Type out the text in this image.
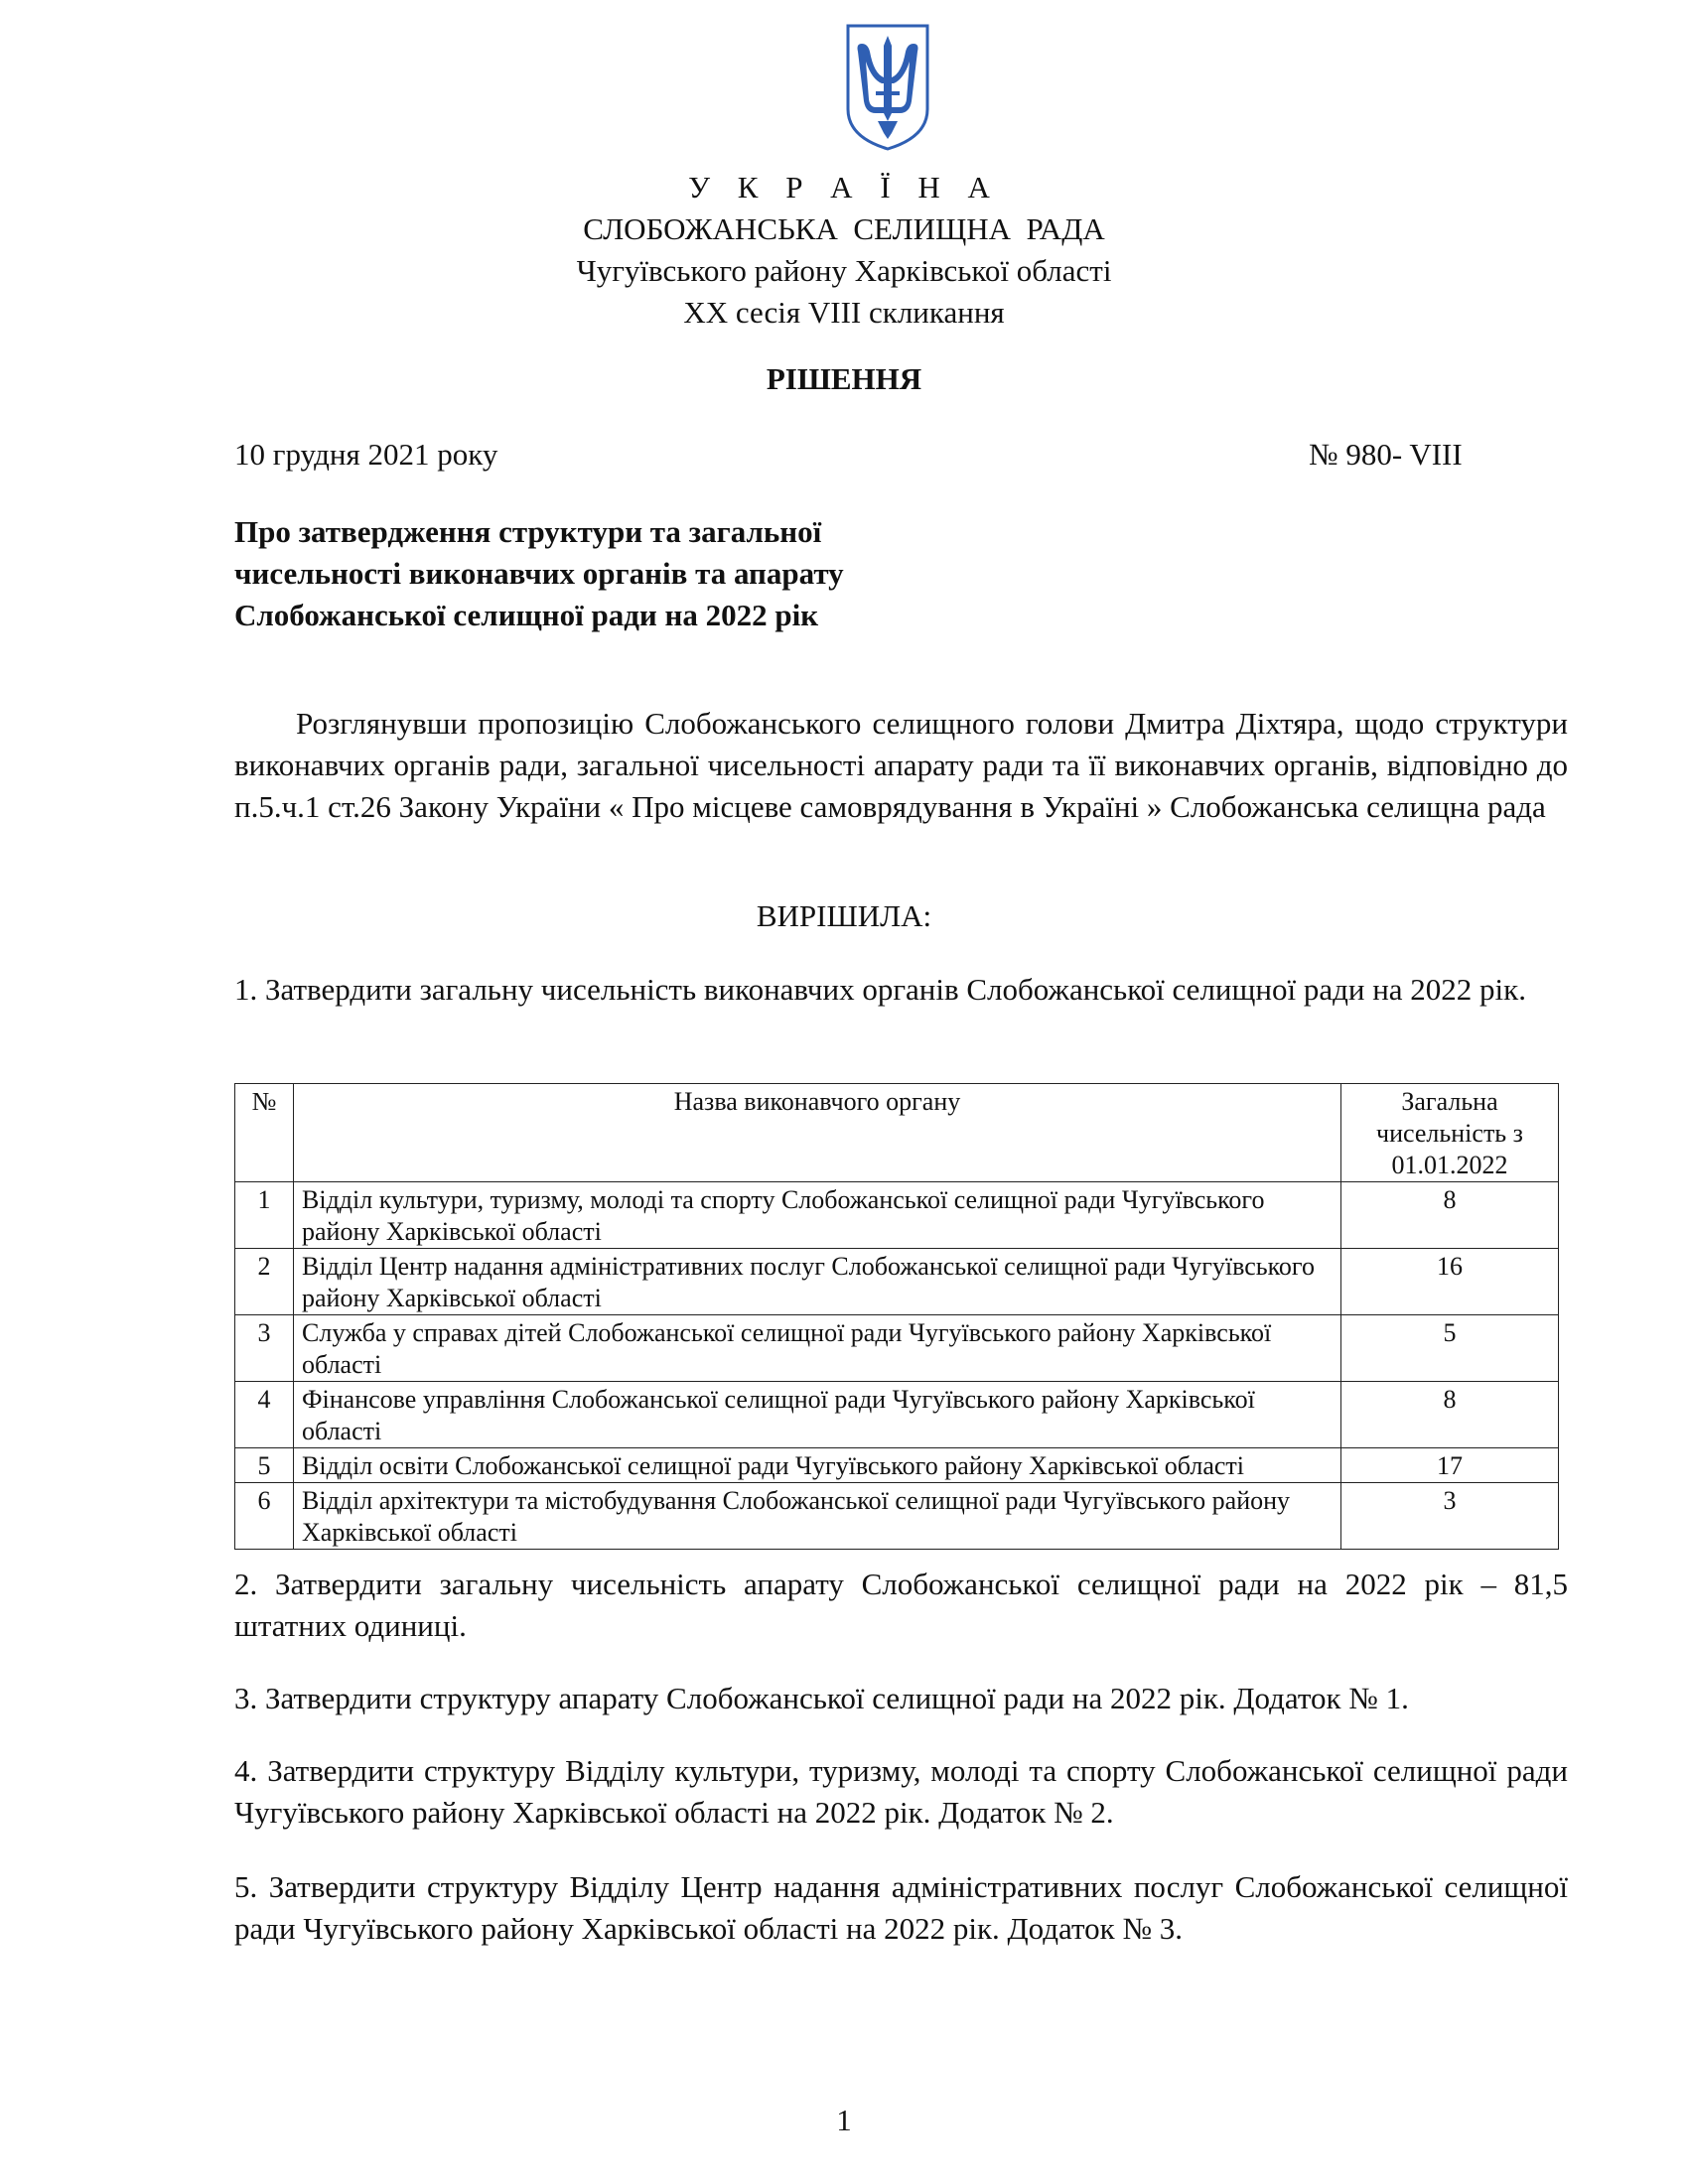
У К Р А Ї Н А
СЛОБОЖАНСЬКА  СЕЛИЩНА  РАДА
Чугуївського району Харківської області
XX сесія VIII скликання
РІШЕННЯ
10 грудня 2021 року	№ 980- VIII
Про затвердження структури та загальної чисельності виконавчих органів та апарату Слобожанської селищної ради на 2022 рік
Розглянувши пропозицію Слобожанського селищного голови Дмитра Діхтяра, щодо структури виконавчих органів ради, загальної чисельності апарату ради та її виконавчих органів, відповідно до п.5.ч.1 ст.26 Закону України « Про місцеве самоврядування в Україні » Слобожанська селищна рада
ВИРІШИЛА:
1. Затвердити загальну чисельність виконавчих органів Слобожанської селищної ради на 2022 рік.
№	Назва виконавчого органу	Загальна чисельність з 01.01.2022
1	Відділ культури, туризму, молоді та спорту Слобожанської селищної ради Чугуївського району Харківської області	8
2	Відділ Центр надання адміністративних послуг Слобожанської селищної ради Чугуївського району Харківської області	16
3	Служба у справах дітей Слобожанської селищної ради Чугуївського району Харківської області	5
4	Фінансове управління Слобожанської селищної ради Чугуївського району Харківської області	8
5	Відділ освіти Слобожанської селищної ради Чугуївського району Харківської області	17
6	Відділ архітектури та містобудування Слобожанської селищної ради Чугуївського району Харківської області	3
2. Затвердити загальну чисельність апарату Слобожанської селищної ради на 2022 рік – 81,5 штатних одиниці.
3. Затвердити структуру апарату Слобожанської селищної ради на 2022 рік. Додаток № 1.
4. Затвердити структуру Відділу культури, туризму, молоді та спорту Слобожанської селищної ради Чугуївського району Харківської області на 2022 рік. Додаток № 2.
5. Затвердити структуру Відділу Центр надання адміністративних послуг Слобожанської селищної ради Чугуївського району Харківської області на 2022 рік. Додаток № 3.
1
